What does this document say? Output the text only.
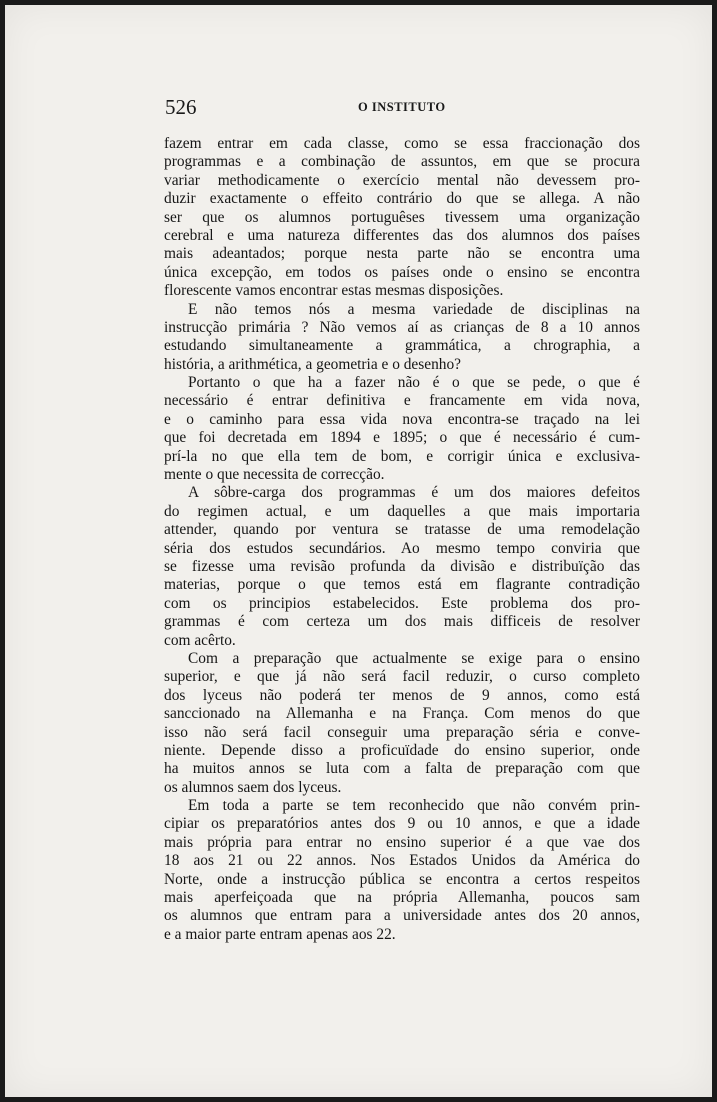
526	O INSTITUTO
fazem entrar em cada classe, como se essa fraccionação dos
programmas e a combinação de assuntos, em que se procura
variar methodicamente o exercício mental não devessem pro-
duzir exactamente o effeito contrário do que se allega. A não
ser que os alumnos portuguêses tivessem uma organização
cerebral e uma natureza differentes das dos alumnos dos países
mais adeantados; porque nesta parte não se encontra uma
única excepção, em todos os países onde o ensino se encontra
florescente vamos encontrar estas mesmas disposições.
E não temos nós a mesma variedade de disciplinas na
instrucção primária ? Não vemos aí as crianças de 8 a 10 annos
estudando simultaneamente a grammática, a chrographia, a
história, a arithmética, a geometria e o desenho?
Portanto o que ha a fazer não é o que se pede, o que é
necessário é entrar definitiva e francamente em vida nova,
e o caminho para essa vida nova encontra-se traçado na lei
que foi decretada em 1894 e 1895; o que é necessário é cum-
prí-la no que ella tem de bom, e corrigir única e exclusiva-
mente o que necessita de correcção.
A sôbre-carga dos programmas é um dos maiores defeitos
do regimen actual, e um daquelles a que mais importaria
attender, quando por ventura se tratasse de uma remodelação
séria dos estudos secundários. Ao mesmo tempo conviria que
se fizesse uma revisão profunda da divisão e distribuïção das
materias, porque o que temos está em flagrante contradição
com os principios estabelecidos. Este problema dos pro-
grammas é com certeza um dos mais difficeis de resolver
com acêrto.
Com a preparação que actualmente se exige para o ensino
superior, e que já não será facil reduzir, o curso completo
dos lyceus não poderá ter menos de 9 annos, como está
sanccionado na Allemanha e na França. Com menos do que
isso não será facil conseguir uma preparação séria e conve-
niente. Depende disso a proficuïdade do ensino superior, onde
ha muitos annos se luta com a falta de preparação com que
os alumnos saem dos lyceus.
Em toda a parte se tem reconhecido que não convém prin-
cipiar os preparatórios antes dos 9 ou 10 annos, e que a idade
mais própria para entrar no ensino superior é a que vae dos
18 aos 21 ou 22 annos. Nos Estados Unidos da América do
Norte, onde a instrucção pública se encontra a certos respeitos
mais aperfeiçoada que na própria Allemanha, poucos sam
os alumnos que entram para a universidade antes dos 20 annos,
e a maior parte entram apenas aos 22.
